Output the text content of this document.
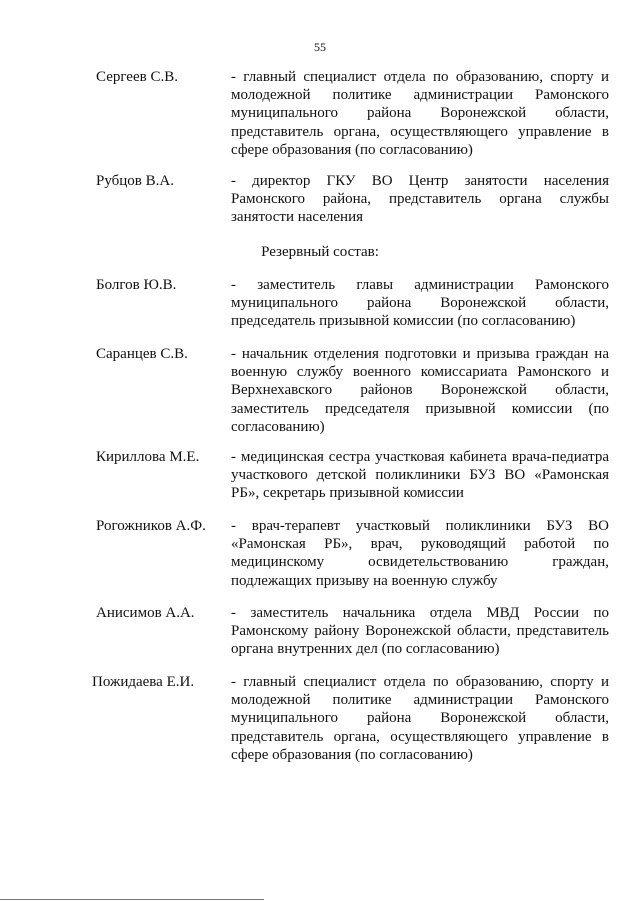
55
Сергеев С.В.	- главный специалист отдела по образованию, спорту и молодежной политике администрации Рамонского муниципального района Воронежской области, представитель органа, осуществляющего управление в сфере образования (по согласованию)
Рубцов В.А.	- директор ГКУ ВО Центр занятости населения Рамонского района, представитель органа службы занятости населения
Резервный состав:
Болгов Ю.В.	- заместитель главы администрации Рамонского муниципального района Воронежской области, председатель призывной комиссии (по согласованию)
Саранцев С.В.	- начальник отделения подготовки и призыва граждан на военную службу военного комиссариата Рамонского и Верхнехавского районов Воронежской области, заместитель председателя призывной комиссии (по согласованию)
Кириллова М.Е. - медицинская сестра участковая кабинета врача-педиатра участкового детской поликлиники БУЗ ВО «Рамонская РБ», секретарь призывной комиссии
Рогожников А.Ф. - врач-терапевт участковый поликлиники БУЗ ВО «Рамонская РБ», врач, руководящий работой по медицинскому освидетельствованию граждан, подлежащих призыву на военную службу
Анисимов А.А. - заместитель начальника отдела МВД России по Рамонскому району Воронежской области, представитель органа внутренних дел (по согласованию)
Пожидаева Е.И. - главный специалист отдела по образованию, спорту и молодежной политике администрации Рамонского муниципального района Воронежской области, представитель органа, осуществляющего управление в сфере образования (по согласованию)
